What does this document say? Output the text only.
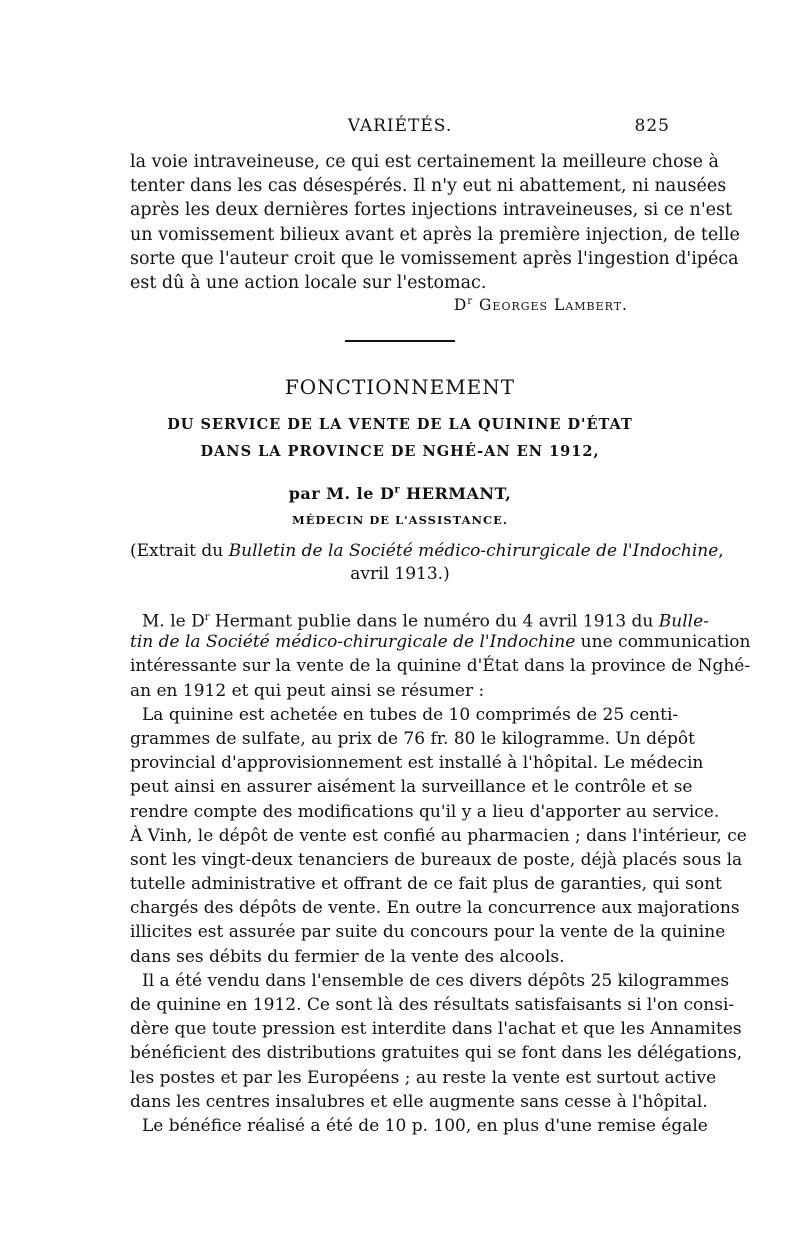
VARIÉTÉS.	825
la voie intraveineuse, ce qui est certainement la meilleure chose à
tenter dans les cas désespérés. Il n'y eut ni abattement, ni nausées
après les deux dernières fortes injections intraveineuses, si ce n'est
un vomissement bilieux avant et après la première injection, de telle
sorte que l'auteur croit que le vomissement après l'ingestion d'ipéca
est dû à une action locale sur l'estomac.
$D^r$ Georges Lambert.
FONCTIONNEMENT
DU SERVICE DE LA VENTE DE LA QUININE D'ÉTAT
DANS LA PROVINCE DE NGHÉ-AN EN 1912,
par M. le $D^r$ HERMANT,
MÉDECIN DE L'ASSISTANCE.
(Extrait du Bulletin de la Société médico-chirurgicale de l'Indochine,
avril 1913.)
M. le $D^r$ Hermant publie dans le numéro du 4 avril 1913 du Bulle-
tin de la Société médico-chirurgicale de l'Indochine une communication
intéressante sur la vente de la quinine d'État dans la province de Nghé-
an en 1912 et qui peut ainsi se résumer :
La quinine est achetée en tubes de 10 comprimés de 25 centi-
grammes de sulfate, au prix de 76 fr. 80 le kilogramme. Un dépôt
provincial d'approvisionnement est installé à l'hôpital. Le médecin
peut ainsi en assurer aisément la surveillance et le contrôle et se
rendre compte des modifications qu'il y a lieu d'apporter au service.
À Vinh, le dépôt de vente est confié au pharmacien ; dans l'intérieur, ce
sont les vingt-deux tenanciers de bureaux de poste, déjà placés sous la
tutelle administrative et offrant de ce fait plus de garanties, qui sont
chargés des dépôts de vente. En outre la concurrence aux majorations
illicites est assurée par suite du concours pour la vente de la quinine
dans ses débits du fermier de la vente des alcools.
Il a été vendu dans l'ensemble de ces divers dépôts 25 kilogrammes
de quinine en 1912. Ce sont là des résultats satisfaisants si l'on consi-
dère que toute pression est interdite dans l'achat et que les Annamites
bénéficient des distributions gratuites qui se font dans les délégations,
les postes et par les Européens ; au reste la vente est surtout active
dans les centres insalubres et elle augmente sans cesse à l'hôpital.
Le bénéfice réalisé a été de 10 p. 100, en plus d'une remise égale
